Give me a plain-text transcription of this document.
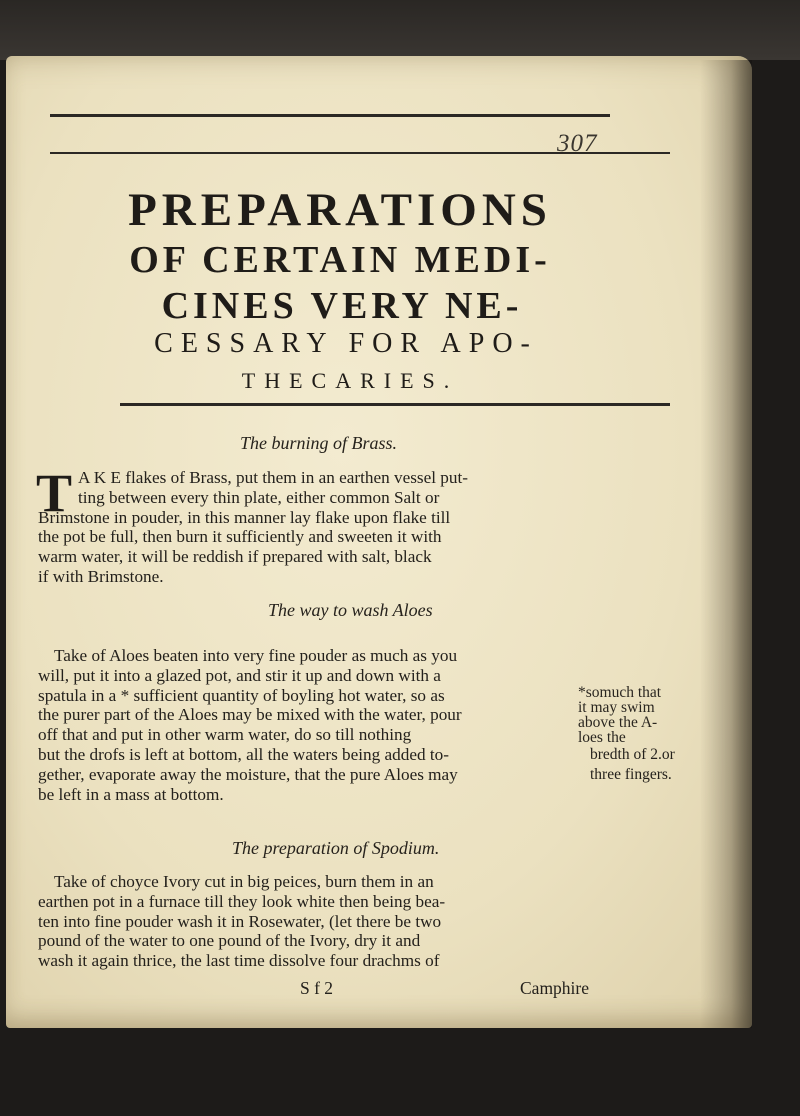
307
PREPARATIONS
OF CERTAIN MEDI-
CINES VERY NE-
CESSARY FOR APO-
THECARIES.
The burning of Brass.
T A K E flakes of Brass, put them in an earthen vessel put-
ting between every thin plate, either common Salt or
Brimstone in pouder, in this manner lay flake upon flake till
the pot be full, then burn it sufficiently and sweeten it with
warm water, it will be reddish if prepared with salt, black
if with Brimstone.
The way to wash Aloes
Take of Aloes beaten into very fine pouder as much as you
will, put it into a glazed pot, and stir it up and down with a
spatula in a * sufficient quantity of boyling hot water, so as
the purer part of the Aloes may be mixed with the water, pour
off that and put in other warm water, do so till nothing
but the drofs is left at bottom, all the waters being added to-
gether, evaporate away the moisture, that the pure Aloes may
be left in a mass at bottom.
*somuch that
it may swim
above the A-
loes the
bredth of 2.or
three fingers.
The preparation of Spodium.
Take of choyce Ivory cut in big peices, burn them in an
earthen pot in a furnace till they look white then being bea-
ten into fine pouder wash it in Rosewater, (let there be two
pound of the water to one pound of the Ivory, dry it and
wash it again thrice, the last time dissolve four drachms of
S f 2	Camphire
